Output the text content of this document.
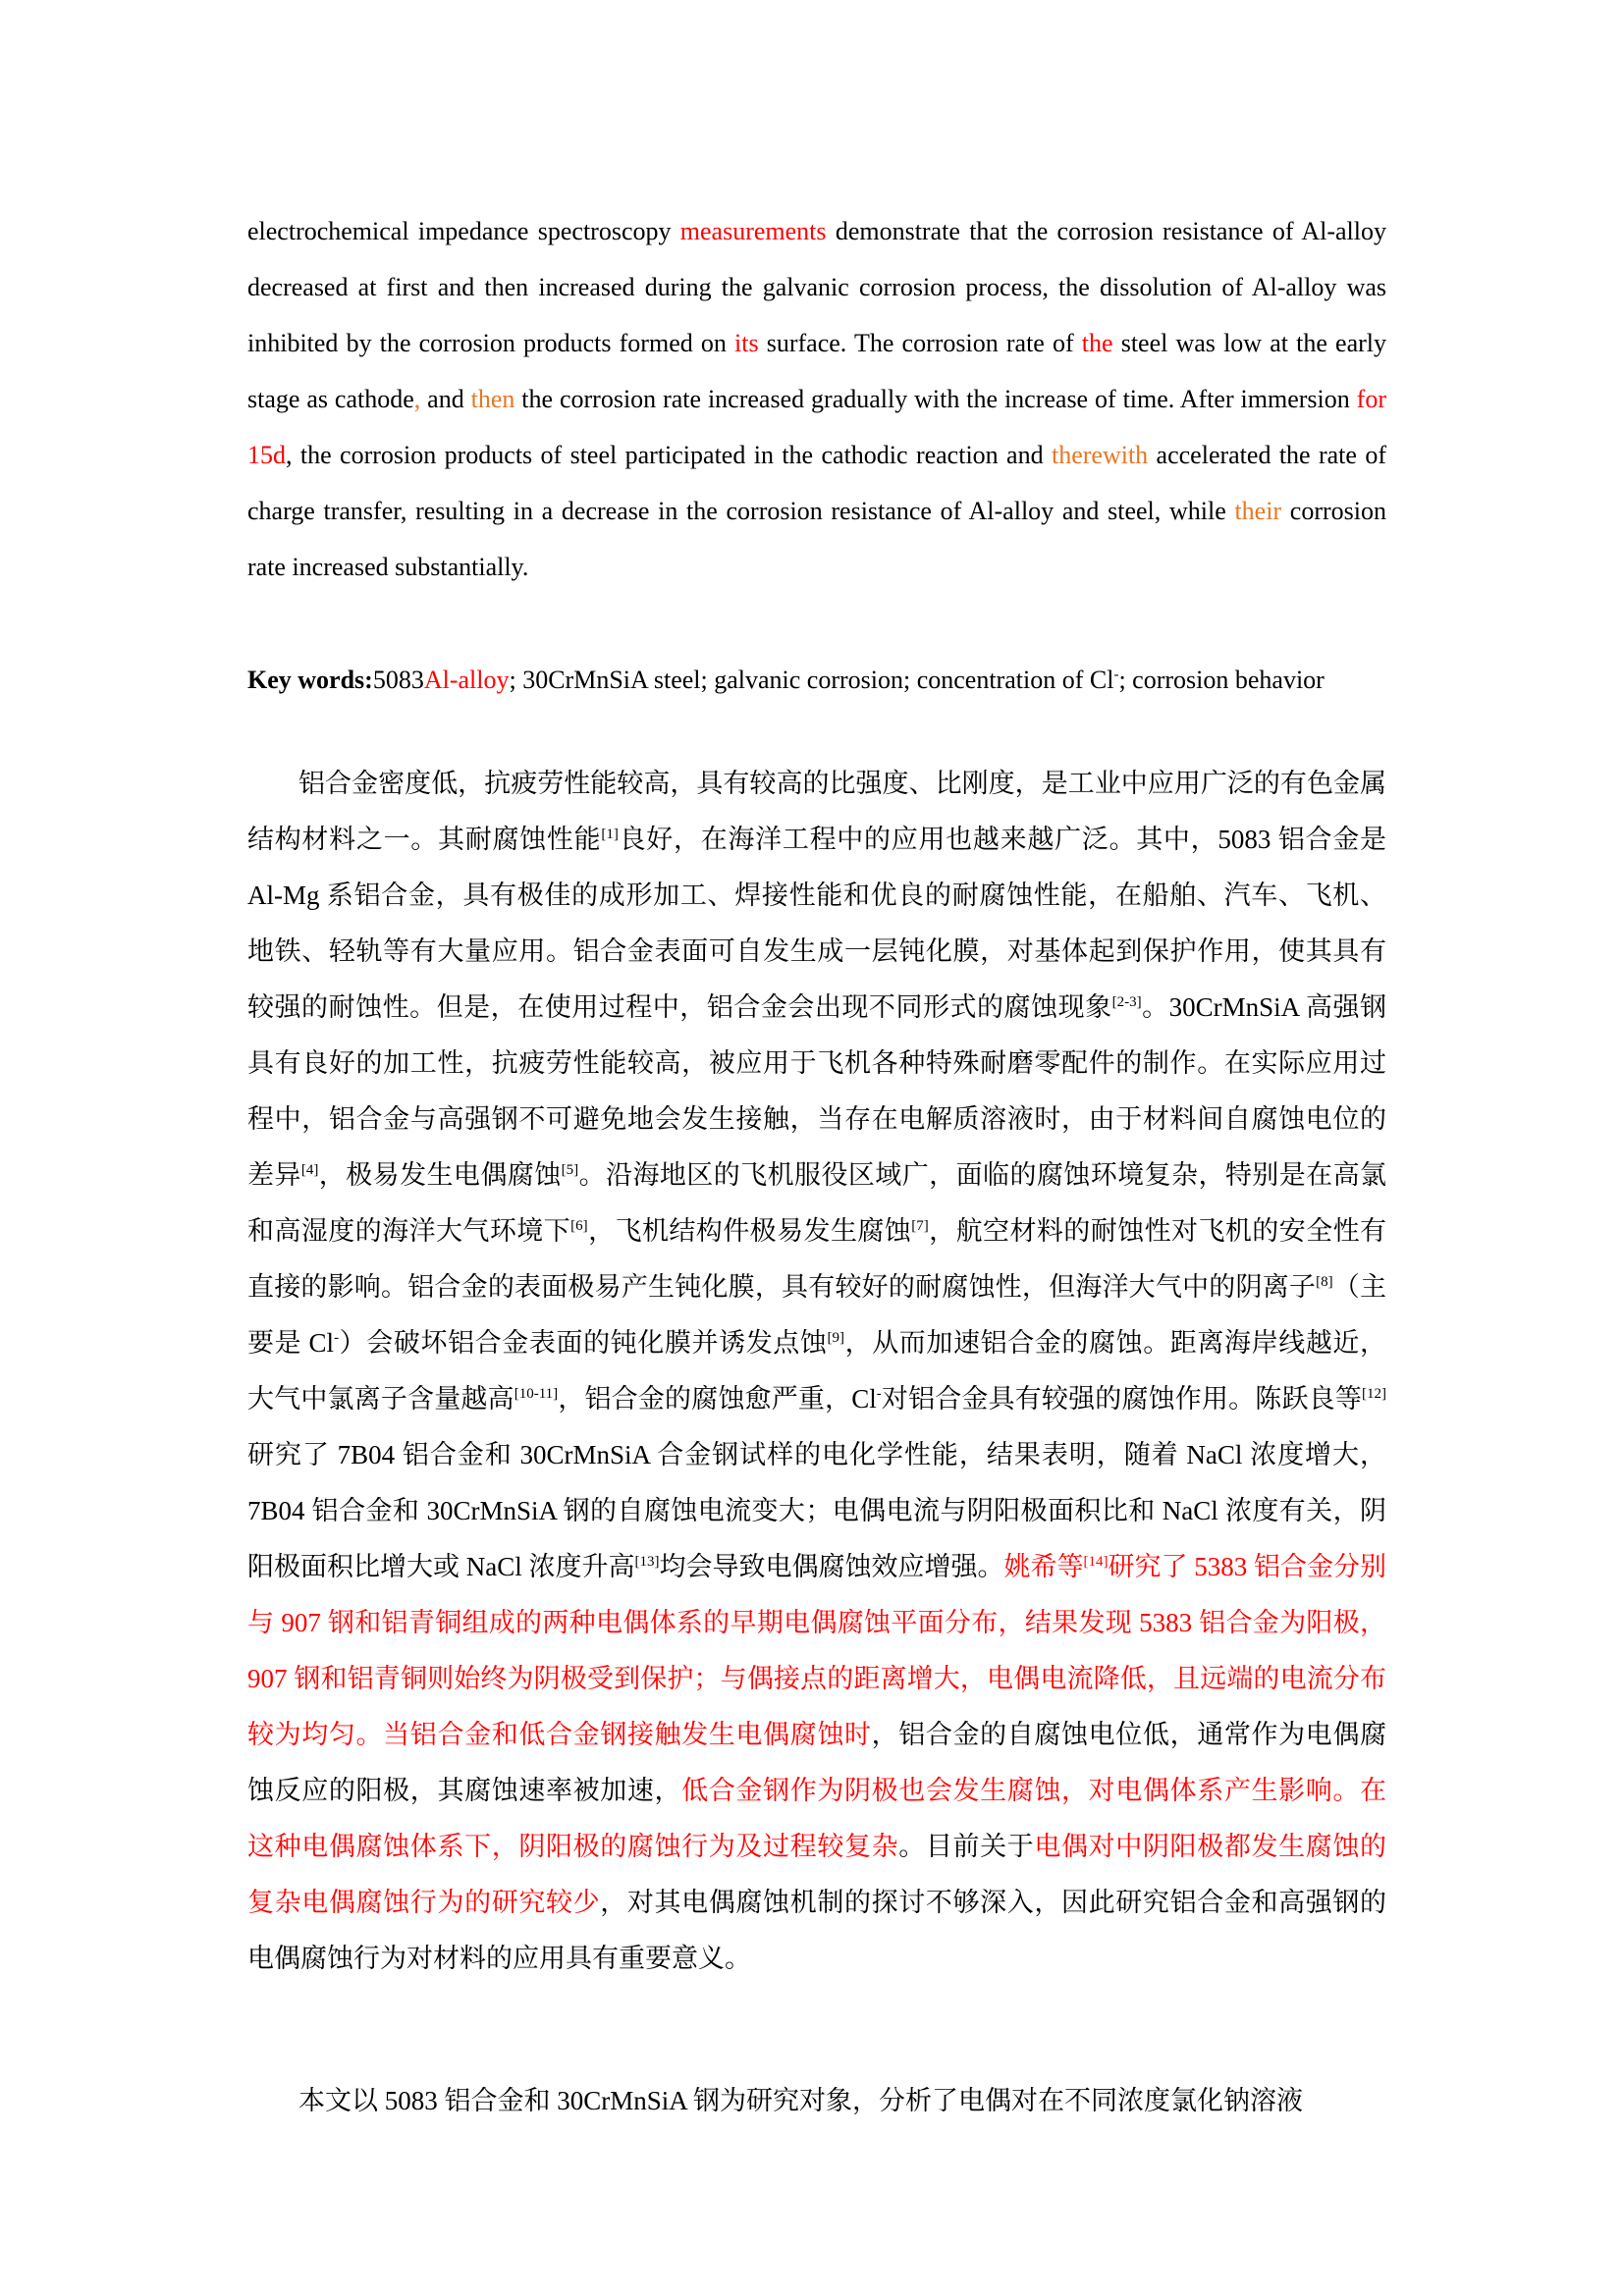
electrochemical impedance spectroscopy measurements demonstrate that the corrosion resistance of Al-alloy decreased at first and then increased during the galvanic corrosion process, the dissolution of Al-alloy was inhibited by the corrosion products formed on its surface. The corrosion rate of the steel was low at the early stage as cathode, and then the corrosion rate increased gradually with the increase of time. After immersion for 15d, the corrosion products of steel participated in the cathodic reaction and therewith accelerated the rate of charge transfer, resulting in a decrease in the corrosion resistance of Al-alloy and steel, while their corrosion rate increased substantially.
Key words:5083Al-alloy; 30CrMnSiA steel; galvanic corrosion; concentration of Cl-; corrosion behavior
铝合金密度低，抗疲劳性能较高，具有较高的比强度、比刚度，是工业中应用广泛的有色金属结构材料之一。其耐腐蚀性能[1]良好，在海洋工程中的应用也越来越广泛。其中，5083 铝合金是 Al-Mg 系铝合金，具有极佳的成形加工、焊接性能和优良的耐腐蚀性能，在船舶、汽车、飞机、地铁、轻轨等有大量应用。铝合金表面可自发生成一层钝化膜，对基体起到保护作用，使其具有较强的耐蚀性。但是，在使用过程中，铝合金会出现不同形式的腐蚀现象[2-3]。30CrMnSiA 高强钢具有良好的加工性，抗疲劳性能较高，被应用于飞机各种特殊耐磨零配件的制作。在实际应用过程中，铝合金与高强钢不可避免地会发生接触，当存在电解质溶液时，由于材料间自腐蚀电位的差异[4]，极易发生电偶腐蚀[5]。沿海地区的飞机服役区域广，面临的腐蚀环境复杂，特别是在高氯和高湿度的海洋大气环境下[6]，飞机结构件极易发生腐蚀[7]，航空材料的耐蚀性对飞机的安全性有直接的影响。铝合金的表面极易产生钝化膜，具有较好的耐腐蚀性，但海洋大气中的阴离子[8]（主要是 Cl-）会破坏铝合金表面的钝化膜并诱发点蚀[9]，从而加速铝合金的腐蚀。距离海岸线越近，大气中氯离子含量越高[10-11]，铝合金的腐蚀愈严重，Cl-对铝合金具有较强的腐蚀作用。陈跃良等[12]研究了 7B04 铝合金和 30CrMnSiA 合金钢试样的电化学性能，结果表明，随着 NaCl 浓度增大，7B04 铝合金和 30CrMnSiA 钢的自腐蚀电流变大；电偶电流与阴阳极面积比和 NaCl 浓度有关，阴阳极面积比增大或 NaCl 浓度升高[13]均会导致电偶腐蚀效应增强。姚希等[14]研究了 5383 铝合金分别与 907 钢和铝青铜组成的两种电偶体系的早期电偶腐蚀平面分布，结果发现 5383 铝合金为阳极，907 钢和铝青铜则始终为阴极受到保护；与偶接点的距离增大，电偶电流降低，且远端的电流分布较为均匀。当铝合金和低合金钢接触发生电偶腐蚀时，铝合金的自腐蚀电位低，通常作为电偶腐蚀反应的阳极，其腐蚀速率被加速，低合金钢作为阴极也会发生腐蚀，对电偶体系产生影响。在这种电偶腐蚀体系下，阴阳极的腐蚀行为及过程较复杂。目前关于电偶对中阴阳极都发生腐蚀的复杂电偶腐蚀行为的研究较少，对其电偶腐蚀机制的探讨不够深入，因此研究铝合金和高强钢的电偶腐蚀行为对材料的应用具有重要意义。
本文以 5083 铝合金和 30CrMnSiA 钢为研究对象，分析了电偶对在不同浓度氯化钠溶液
